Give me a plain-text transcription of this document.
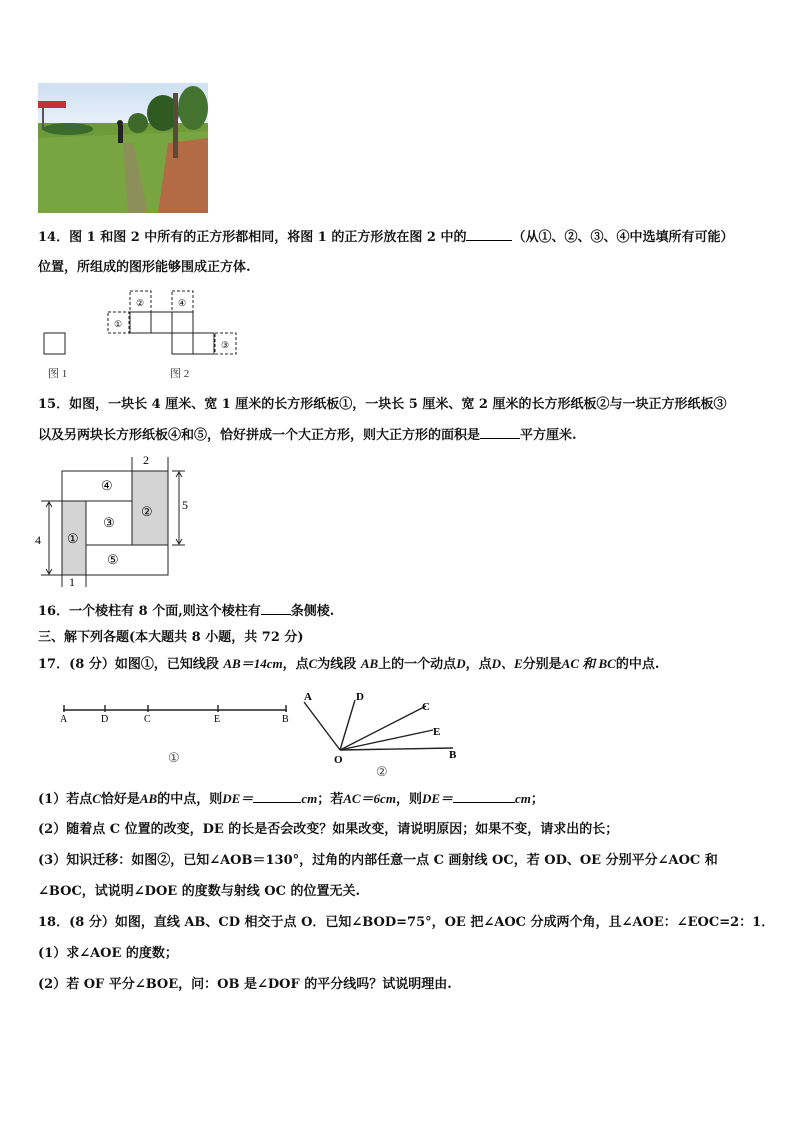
14．图 1 和图 2 中所有的正方形都相同，将图 1 的正方形放在图 2 中的	（从①、②、③、④中选填所有可能）
位置，所组成的图形能够围成正方体.
图 1
①
②
③
④
图 2
15．如图，一块长 4 厘米、宽 1 厘米的长方形纸板①，一块长 5 厘米、宽 2 厘米的长方形纸板②与一块正方形纸板③
以及另两块长方形纸板④和⑤，恰好拼成一个大正方形，则大正方形的面积是	平方厘米.
2
5
4
1
①
②
③
④
⑤
16．一个棱柱有 8 个面,则这个棱柱有 条侧棱.
三、解下列各题(本大题共 8 小题，共 72 分)
17．(8 分）如图①，已知线段 AB＝14cm，点C为线段 AB上的一个动点D，点D、E分别是AC 和 BC的中点.
A	D	C	E	B
①
A	D
C
E
B
O
②
(1）若点C恰好是AB的中点，则DE＝	cm；若AC＝6cm，则DE＝	cm；
(2）随着点 C 位置的改变，DE 的长是否会改变？如果改变，请说明原因；如果不变，请求出的长；
(3）知识迁移：如图②，已知∠AOB＝130°，过角的内部任意一点 C 画射线 OC，若 OD、OE 分别平分∠AOC 和
∠BOC，试说明∠DOE 的度数与射线 OC 的位置无关.
18．(8 分）如图，直线 AB、CD 相交于点 O．已知∠BOD=75°，OE 把∠AOC 分成两个角，且∠AOE：∠EOC=2：1．
(1）求∠AOE 的度数；
(2）若 OF 平分∠BOE，问：OB 是∠DOF 的平分线吗？试说明理由.
